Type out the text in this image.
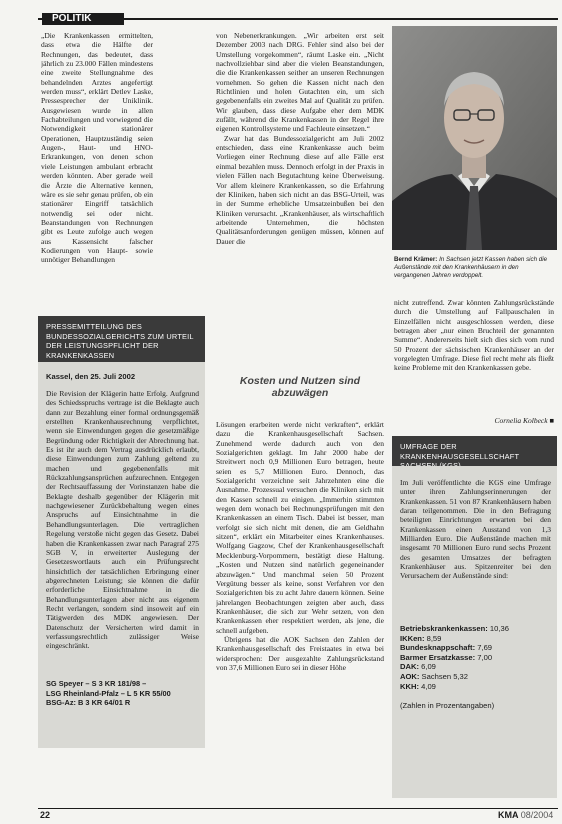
POLITIK

„Die Krankenkassen ermittelten, dass etwa die Hälfte der Rechnungen, das bedeutet, dass jährlich zu 23.000 Fällen mindestens eine zweite Stellungnahme des behandelnden Arztes angefertigt werden muss“, erklärt Detlev Laske, Pressesprecher der Uniklinik. Ausgewiesen wurde in allen Fachabteilungen und vorwiegend die Notwendigkeit stationärer Operationen, Hauptzuständig seien Augen-, Haut- und HNO-Erkrankungen, von denen schon viele Leistungen ambulant erbracht werden könnten. Aber gerade weil die Ärzte die Alternative kennen, wäre es sie sehr genau prüfen, ob ein stationärer Eingriff tatsächlich notwendig sei oder nicht. Beanstandungen von Rechnungen gibt es Leute zufolge auch wegen aus Kassensicht falscher Kodierungen von Haupt- sowie unnötiger Behandlungen

PRESSEMITTEILUNG DES BUNDESSOZIALGERICHTS ZUM URTEIL DER LEISTUNGSPFLICHT DER KRANKENKASSEN
Kassel, den 25. Juli 2002

Die Revision der Klägerin hatte Erfolg. Aufgrund des Schiedsspruchs vertrage ist die Beklagte auch dann zur Bezahlung einer formal ordnungsgemäß erstellten Krankenhausrechnung verpflichtet, wenn sie Einwendungen gegen die gesetzmäßige Begründung oder Richtigkeit der Abrechnung hat. Es ist ihr auch dem Vertrag ausdrücklich erlaubt, diese Einwendungen zum Zahlung geltend zu machen und gegebenenfalls mit Rückzahlungsansprüchen aufzurechnen. Entgegen der Rechtsauffassung der Vorinstanzen habe die Beklagte deshalb gegenüber der Klägerin mit nachgewiesener Zurückbehaltung wegen eines Anspruchs auf Einsichtnahme in die Behandlungsunterlagen. Die vertraglichen Regelung verstoße nicht gegen das Gesetz. Dabei haben die Krankenkassen zwar nach Paragraf 275 SGB V, in erweiterter Auslegung der Gesetzeswortlauts auch ein Prüfungsrecht hinsichtlich der tatsächlichen Erbringung einer abgerechneten Leistung; sie können die dafür erforderliche Einsichtnahme in die Behandlungsunterlagen aber nicht aus eigenem Recht verlangen, sondern sind insoweit auf ein Tätigwerden des MDK angewiesen. Der Datenschutz der Versicherten wird damit in verfassungsrechtlich zulässiger Weise eingeschränkt.

SG Speyer – S 3 KR 181/98 –
LSG Rheinland-Pfalz – L 5 KR 55/00
BSG-Az: B 3 KR 64/01 R

von Nebenerkrankungen. „Wir arbeiten erst seit Dezember 2003 nach DRG. Fehler sind also bei der Umstellung vorgekommen“, räumt Laske ein. „Nicht nachvollziehbar sind aber die vielen Beanstandungen, die die Krankenkassen seither an unseren Rechnungen vornehmen. So gehen die Kassen nicht nach den Richtlinien und holen Gutachten ein, um sich gegebenenfalls ein zweites Mal auf Qualität zu prüfen. Wir glauben, dass diese Aufgabe eher dem MDK zufällt, während die Krankenkassen in der Regel ihre eigenen Kontrollsysteme und Fachleute einsetzen.“

Zwar hat das Bundessozialgericht am Juli 2002 entschieden, dass eine Krankenkasse auch beim Vorliegen einer Rechnung diese auf alle Fälle erst einmal bezahlen muss. Dennoch erfolgt in der Praxis in vielen Fällen nach Begutachtung keine Überweisung. Vor allem kleinere Krankenkassen, so die Erfahrung der Kliniken, haben sich nicht an das BSG-Urteil, was in der Summe erhebliche Umsatzeinbußen bei den Kliniken verursacht. „Krankenhäuser, als wirtschaftlich arbeitende Unternehmen, die höchsten Qualitätsanforderungen genügen müssen, können auf Dauer die

Kosten und Nutzen sind abzuwägen

Lösungen erarbeiten werde nicht verkraften“, erklärt dazu die Krankenhausgesellschaft Sachsen. Zunehmend werde dadurch auch von den Sozialgerichten geklagt. Im Jahr 2000 habe der Streitwert noch 0,9 Millionen Euro betragen, heute seien es 5,7 Millionen Euro. Dennoch, das Sozialgericht verzeichne seit Jahrzehnten eine die Ausnahme. Prozessual versuchen die Kliniken sich mit den Kassen schnell zu einigen. „Immerhin stimmten wegen dem wonach bei Rechnungsprüfungen mit den Krankenkassen an einem Tisch. Dabei ist besser, man verfolgt sie sich nicht mit denen, die am Geldhahn sitzen“, erklärt ein Mitarbeiter eines Krankenhauses. Wolfgang Gagzow, Chef der Krankenhausgesellschaft Mecklenburg-Vorpommern, bestätigt diese Haltung. „Kosten und Nutzen sind natürlich gegeneinander abzuwägen.“ Und manchmal seien 50 Prozent Vergütung besser als keine, sonst Verfahren vor den Sozialgerichten bis zu acht Jahre dauern können. Seine jahrelangen Beobachtungen zeigten aber auch, dass Krankenhäuser, die sich zur Wehr setzen, von den Krankenkassen eher respektiert werden, als jene, die schnell aufgeben.

Übrigens hat die AOK Sachsen den Zahlen der Krankenhausgesellschaft des Freistaates in etwa bei widersprochen: Der ausgezahlte Zahlungsrückstand von 37,6 Millionen Euro sei in dieser Höhe

Bernd Krämer: In Sachsen jetzt Kassen haben sich die Außenstände mit den Krankenhäusern in den vergangenen Jahren verdoppelt.

nicht zutreffend. Zwar könnten Zahlungsrückstände durch die Umstellung auf Fallpauschalen in Einzelfällen nicht ausgeschlossen werden, diese betragen aber „nur einen Bruchteil der genannten Summe“. Andererseits hielt sich dies sich vom rund 50 Prozent der sächsischen Krankenhäuser an der vorgelegten Umfrage. Diese fiel recht mehr als fließt keine Probleme mit den Krankenkassen gebe.

Cornelia Kolbeck ■
UMFRAGE DER KRANKENHAUSGESELLSCHAFT

Im Juli veröffentlichte die KGS eine Umfrage unter ihren Zahlungserinnerungen der Krankenkassen. 51 von 87 Krankenhäusern haben daran teilgenommen. Die in den Befragung beteiligten Einrichtungen erwarten bei den Krankenkassen einen Ausstand von 1,3 Milliarden Euro. Die Außenstände machen mit insgesamt 70 Millionen Euro rund sechs Prozent des gesamten Umsatzes der befragten Krankenhäuser aus. Spitzenreiter bei den Verursachern der Außenstände sind:

Betriebskrankenkassen: 10,36
IKKen: 8,59
Bundesknappschaft: 7,69
Barmer Ersatzkasse: 7,00
DAK: 6,09
AOK: Sachsen 5,32
KKH: 4,09
(Zahlen in Prozentangaben)
22	KMA 08/2004
